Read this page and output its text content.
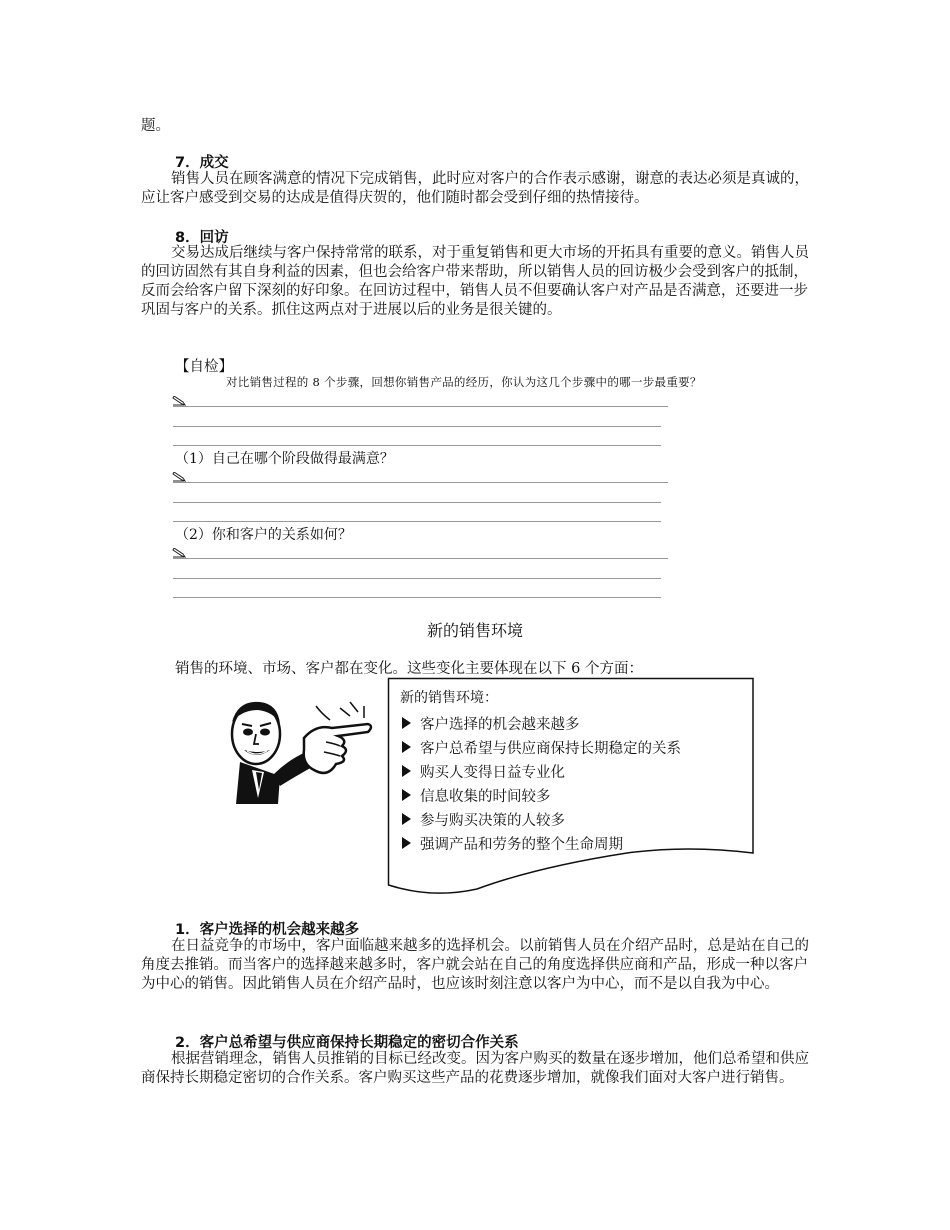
题。
7．成交

销售人员在顾客满意的情况下完成销售，此时应对客户的合作表示感谢，谢意的表达必须是真诚的，应让客户感受到交易的达成是值得庆贺的，他们随时都会受到仔细的热情接待。

8．回访

交易达成后继续与客户保持常常的联系，对于重复销售和更大市场的开拓具有重要的意义。销售人员的回访固然有其自身利益的因素，但也会给客户带来帮助，所以销售人员的回访极少会受到客户的抵制，反而会给客户留下深刻的好印象。在回访过程中，销售人员不但要确认客户对产品是否满意，还要进一步巩固与客户的关系。抓住这两点对于进展以后的业务是很关键的。

【自检】
对比销售过程的 8 个步骤，回想你销售产品的经历，你认为这几个步骤中的哪一步最重要？
（1）自己在哪个阶段做得最满意？
（2）你和客户的关系如何？
新的销售环境
销售的环境、市场、客户都在变化。这些变化主要体现在以下 6 个方面：
新的销售环境：
客户选择的机会越来越多
客户总希望与供应商保持长期稳定的关系
购买人变得日益专业化
信息收集的时间较多
参与购买决策的人较多
强调产品和劳务的整个生命周期
1．客户选择的机会越来越多

在日益竞争的市场中，客户面临越来越多的选择机会。以前销售人员在介绍产品时，总是站在自己的角度去推销。而当客户的选择越来越多时，客户就会站在自己的角度选择供应商和产品，形成一种以客户为中心的销售。因此销售人员在介绍产品时，也应该时刻注意以客户为中心，而不是以自我为中心。

2．客户总希望与供应商保持长期稳定的密切合作关系

根据营销理念，销售人员推销的目标已经改变。因为客户购买的数量在逐步增加，他们总希望和供应商保持长期稳定密切的合作关系。客户购买这些产品的花费逐步增加，就像我们面对大客户进行销售。
